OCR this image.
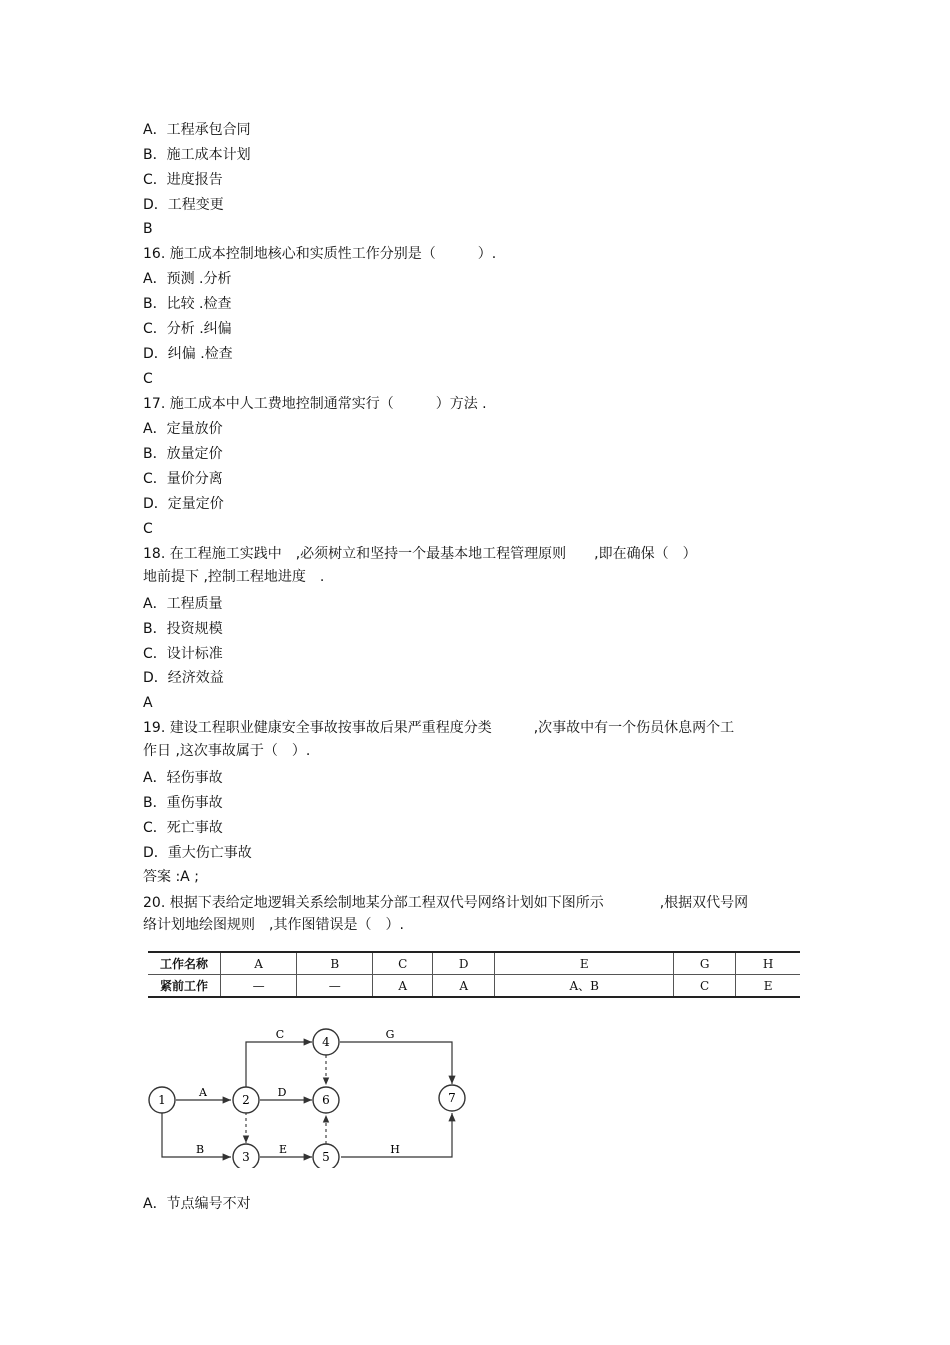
A．工程承包合同
B．施工成本计划
C．进度报告
D．工程变更
B
16. 施工成本控制地核心和实质性工作分别是（　　　）.
A．预测 .分析
B．比较 .检查
C．分析 .纠偏
D．纠偏 .检查
C
17. 施工成本中人工费地控制通常实行（　　　）方法 .
A．定量放价
B．放量定价
C．量价分离
D．定量定价
C
18. 在工程施工实践中　,必须树立和坚持一个最基本地工程管理原则　　,即在确保（　）
地前提下 ,控制工程地进度　.
A．工程质量
B．投资规模
C．设计标准
D．经济效益
A
19. 建设工程职业健康安全事故按事故后果严重程度分类　　　,次事故中有一个伤员休息两个工
作日 ,这次事故属于（　）.
A．轻伤事故
B．重伤事故
C．死亡事故
D．重大伤亡事故
答案 :A ;
20. 根据下表给定地逻辑关系绘制地某分部工程双代号网络计划如下图所示　　　　,根据双代号网
络计划地绘图规则　,其作图错误是（　）.
工作名称	A	B	C	D	E	G	H
紧前工作	—	—	A	A	A、B	C	E
1	2
3
4
5
6	7
A
B
C
D
E
G
H
A．节点编号不对
